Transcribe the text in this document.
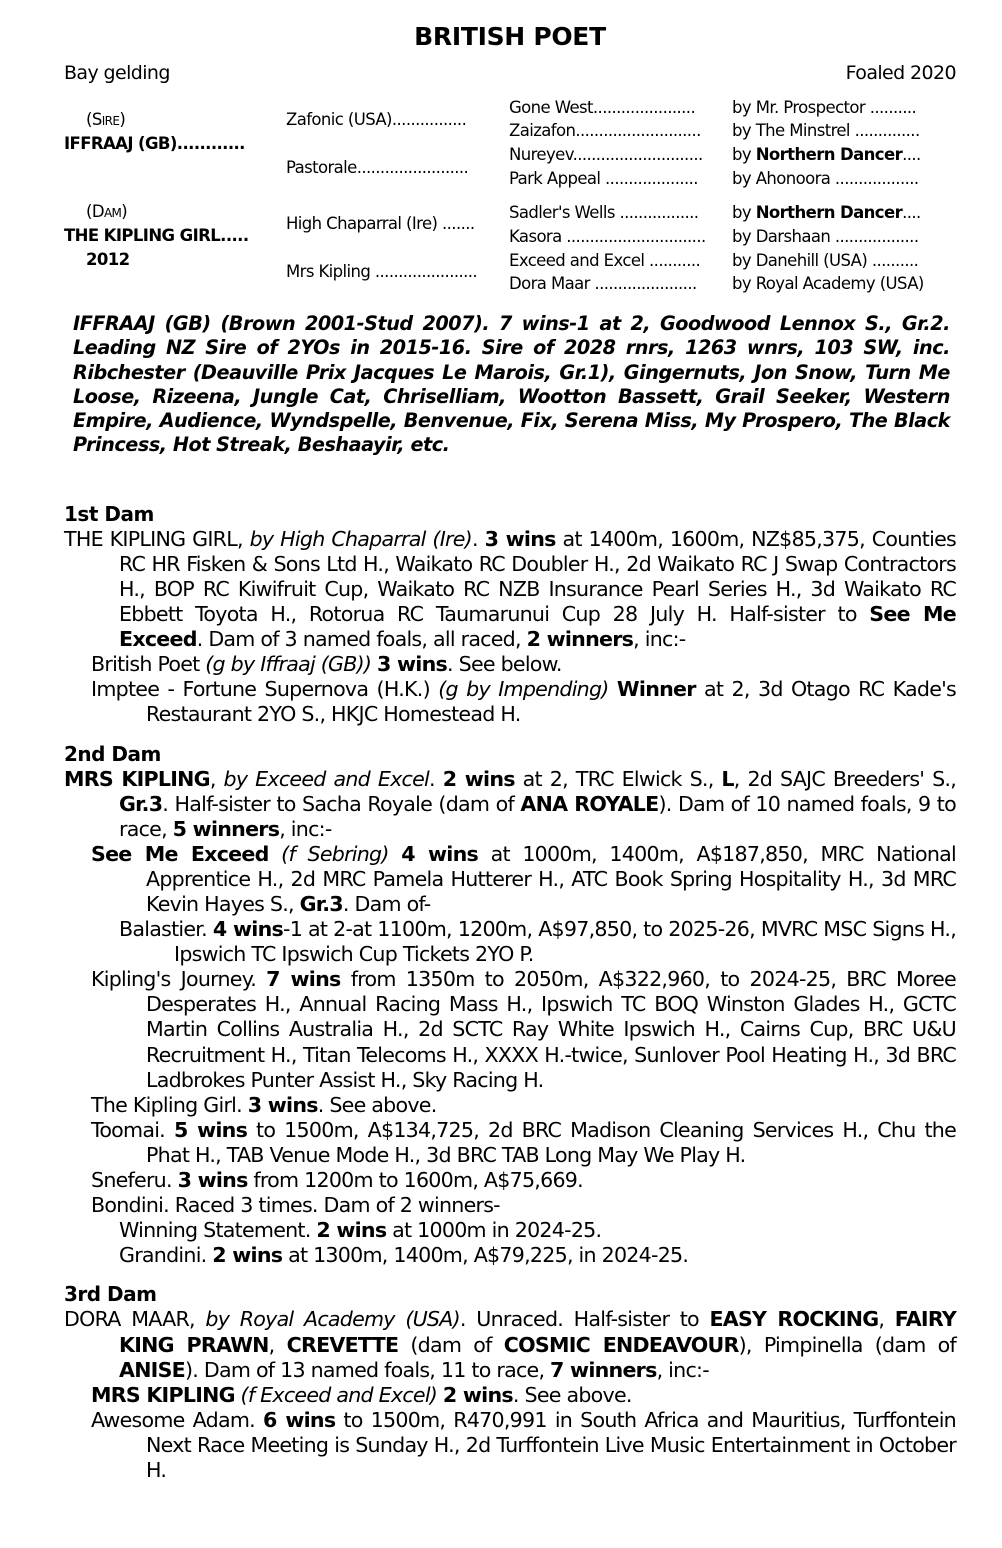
BRITISH POET
Bay gelding	Foaled 2020
(Sire)
IFFRAAJ (GB)............
(Dam)
THE KIPLING GIRL.....
2012
Zafonic (USA)................
Pastorale........................
High Chaparral (Ire) .......
Mrs Kipling ......................
Gone West......................
Zaizafon...........................
Nureyev............................
Park Appeal ....................
Sadler's Wells .................
Kasora ..............................
Exceed and Excel ...........
Dora Maar ......................
by Mr. Prospector ..........
by The Minstrel ..............
by Northern Dancer....
by Ahonoora ..................
by Northern Dancer....
by Darshaan ..................
by Danehill (USA) ..........
by Royal Academy (USA)
IFFRAAJ (GB) (Brown 2001-Stud 2007). 7 wins-1 at 2, Goodwood Lennox S., Gr.2. Leading NZ Sire of 2YOs in 2015-16. Sire of 2028 rnrs, 1263 wnrs, 103 SW, inc. Ribchester (Deauville Prix Jacques Le Marois, Gr.1), Gingernuts, Jon Snow, Turn Me Loose, Rizeena, Jungle Cat, Chriselliam, Wootton Bassett, Grail Seeker, Western Empire, Audience, Wyndspelle, Benvenue, Fix, Serena Miss, My Prospero, The Black Princess, Hot Streak, Beshaayir, etc.
1st Dam
THE KIPLING GIRL, by High Chaparral (Ire). 3 wins at 1400m, 1600m, NZ$85,375, Counties RC HR Fisken & Sons Ltd H., Waikato RC Doubler H., 2d Waikato RC J Swap Contractors H., BOP RC Kiwifruit Cup, Waikato RC NZB Insurance Pearl Series H., 3d Waikato RC Ebbett Toyota H., Rotorua RC Taumarunui Cup 28 July H. Half-sister to See Me Exceed. Dam of 3 named foals, all raced, 2 winners, inc:-
British Poet (g by Iffraaj (GB)) 3 wins. See below.
Imptee - Fortune Supernova (H.K.) (g by Impending) Winner at 2, 3d Otago RC Kade's Restaurant 2YO S., HKJC Homestead H.
2nd Dam
MRS KIPLING, by Exceed and Excel. 2 wins at 2, TRC Elwick S., L, 2d SAJC Breeders' S., Gr.3. Half-sister to Sacha Royale (dam of ANA ROYALE). Dam of 10 named foals, 9 to race, 5 winners, inc:-
See Me Exceed (f Sebring) 4 wins at 1000m, 1400m, A$187,850, MRC National Apprentice H., 2d MRC Pamela Hutterer H., ATC Book Spring Hospitality H., 3d MRC Kevin Hayes S., Gr.3. Dam of-
Balastier. 4 wins-1 at 2-at 1100m, 1200m, A$97,850, to 2025-26, MVRC MSC Signs H., Ipswich TC Ipswich Cup Tickets 2YO P.
Kipling's Journey. 7 wins from 1350m to 2050m, A$322,960, to 2024-25, BRC Moree Desperates H., Annual Racing Mass H., Ipswich TC BOQ Winston Glades H., GCTC Martin Collins Australia H., 2d SCTC Ray White Ipswich H., Cairns Cup, BRC U&U Recruitment H., Titan Telecoms H., XXXX H.-twice, Sunlover Pool Heating H., 3d BRC Ladbrokes Punter Assist H., Sky Racing H.
The Kipling Girl. 3 wins. See above.
Toomai. 5 wins to 1500m, A$134,725, 2d BRC Madison Cleaning Services H., Chu the Phat H., TAB Venue Mode H., 3d BRC TAB Long May We Play H.
Sneferu. 3 wins from 1200m to 1600m, A$75,669.
Bondini. Raced 3 times. Dam of 2 winners-
Winning Statement. 2 wins at 1000m in 2024-25.
Grandini. 2 wins at 1300m, 1400m, A$79,225, in 2024-25.
3rd Dam
DORA MAAR, by Royal Academy (USA). Unraced. Half-sister to EASY ROCKING, FAIRY KING PRAWN, CREVETTE (dam of COSMIC ENDEAVOUR), Pimpinella (dam of ANISE). Dam of 13 named foals, 11 to race, 7 winners, inc:-
MRS KIPLING (f Exceed and Excel) 2 wins. See above.
Awesome Adam. 6 wins to 1500m, R470,991 in South Africa and Mauritius, Turffontein Next Race Meeting is Sunday H., 2d Turffontein Live Music Entertainment in October H.
